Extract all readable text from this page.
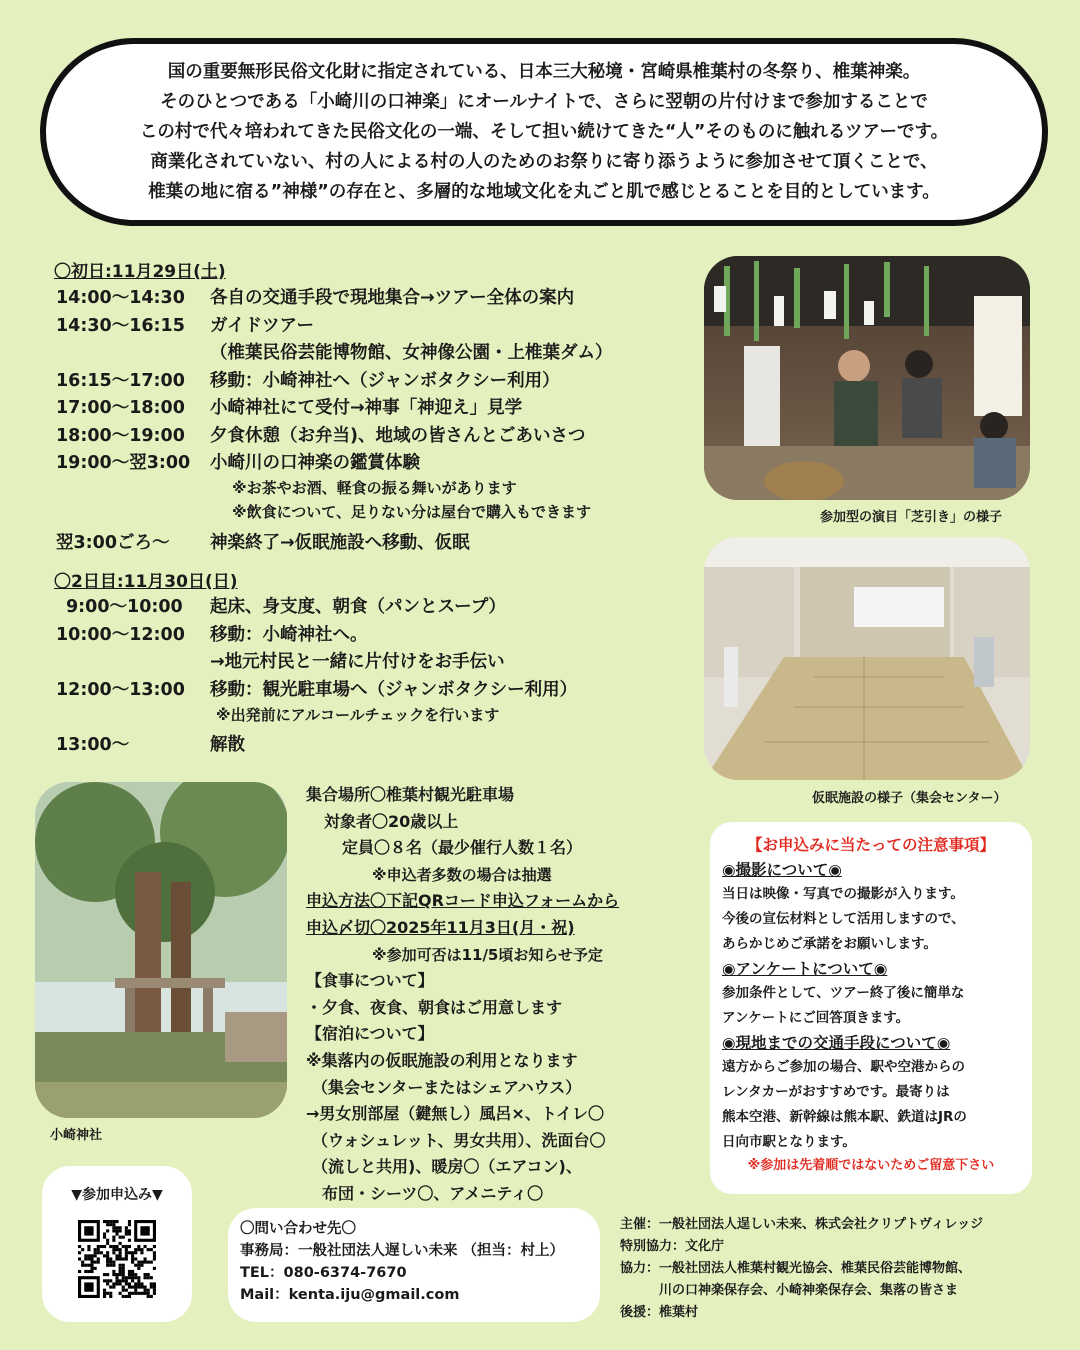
国の重要無形民俗文化財に指定されている、日本三大秘境・宮崎県椎葉村の冬祭り、椎葉神楽。
そのひとつである「小崎川の口神楽」にオールナイトで、さらに翌朝の片付けまで参加することで
この村で代々培われてきた民俗文化の一端、そして担い続けてきた“人”そのものに触れるツアーです。
商業化されていない、村の人による村の人のためのお祭りに寄り添うように参加させて頂くことで、
椎葉の地に宿る”神様”の存在と、多層的な地域文化を丸ごと肌で感じとることを目的としています。
〇初日:11月29日(土)
14:00～14:30	各自の交通手段で現地集合→ツアー全体の案内
14:30～16:15	ガイドツアー
（椎葉民俗芸能博物館、女神像公園・上椎葉ダム）
16:15～17:00	移動：小崎神社へ（ジャンボタクシー利用）
17:00～18:00	小崎神社にて受付→神事「神迎え」見学
18:00～19:00	夕食休憩（お弁当)、地域の皆さんとごあいさつ
19:00～翌3:00	小崎川の口神楽の鑑賞体験
※お茶やお酒、軽食の振る舞いがあります
※飲食について、足りない分は屋台で購入もできます
翌3:00ごろ～	神楽終了→仮眠施設へ移動、仮眠
〇2日目:11月30日(日)
9:00～10:00	起床、身支度、朝食（パンとスープ）
10:00～12:00	移動：小崎神社へ。
→地元村民と一緒に片付けをお手伝い
12:00～13:00	移動：観光駐車場へ（ジャンボタクシー利用）
※出発前にアルコールチェックを行います
13:00～	解散
参加型の演目「芝引き」の様子
仮眠施設の様子（集会センター）
小崎神社
集合場所〇椎葉村観光駐車場
対象者〇20歳以上
定員〇８名（最少催行人数１名）
※申込者多数の場合は抽選
申込方法〇下記QRコード申込フォームから
申込〆切〇2025年11月3日(月・祝)
※参加可否は11/5頃お知らせ予定
【食事について】
・夕食、夜食、朝食はご用意します
【宿泊について】
※集落内の仮眠施設の利用となります
（集会センターまたはシェアハウス）
→男女別部屋（鍵無し）風呂×、トイレ〇
（ウォシュレット、男女共用）、洗面台〇
（流しと共用)、暖房〇（エアコン)、
布団・シーツ〇、アメニティ〇
【お申込みに当たっての注意事項】
◉撮影について◉
当日は映像・写真での撮影が入ります。
今後の宣伝材料として活用しますので、
あらかじめご承諾をお願いします。
◉アンケートについて◉
参加条件として、ツアー終了後に簡単な
アンケートにご回答頂きます。
◉現地までの交通手段について◉
遠方からご参加の場合、駅や空港からの
レンタカーがおすすめです。最寄りは
熊本空港、新幹線は熊本駅、鉄道はJRの
日向市駅となります。
※参加は先着順ではないためご留意下さい
▼参加申込み▼
〇問い合わせ先〇
事務局：一般社団法人遅しい未来 （担当：村上）
TEL：080-6374-7670
Mail：kenta.iju@gmail.com
主催：一般社団法人逞しい未来、株式会社クリプトヴィレッジ
特別協力：文化庁
協力：一般社団法人椎葉村観光協会、椎葉民俗芸能博物館、
　　　川の口神楽保存会、小崎神楽保存会、集落の皆さま
後援：椎葉村
